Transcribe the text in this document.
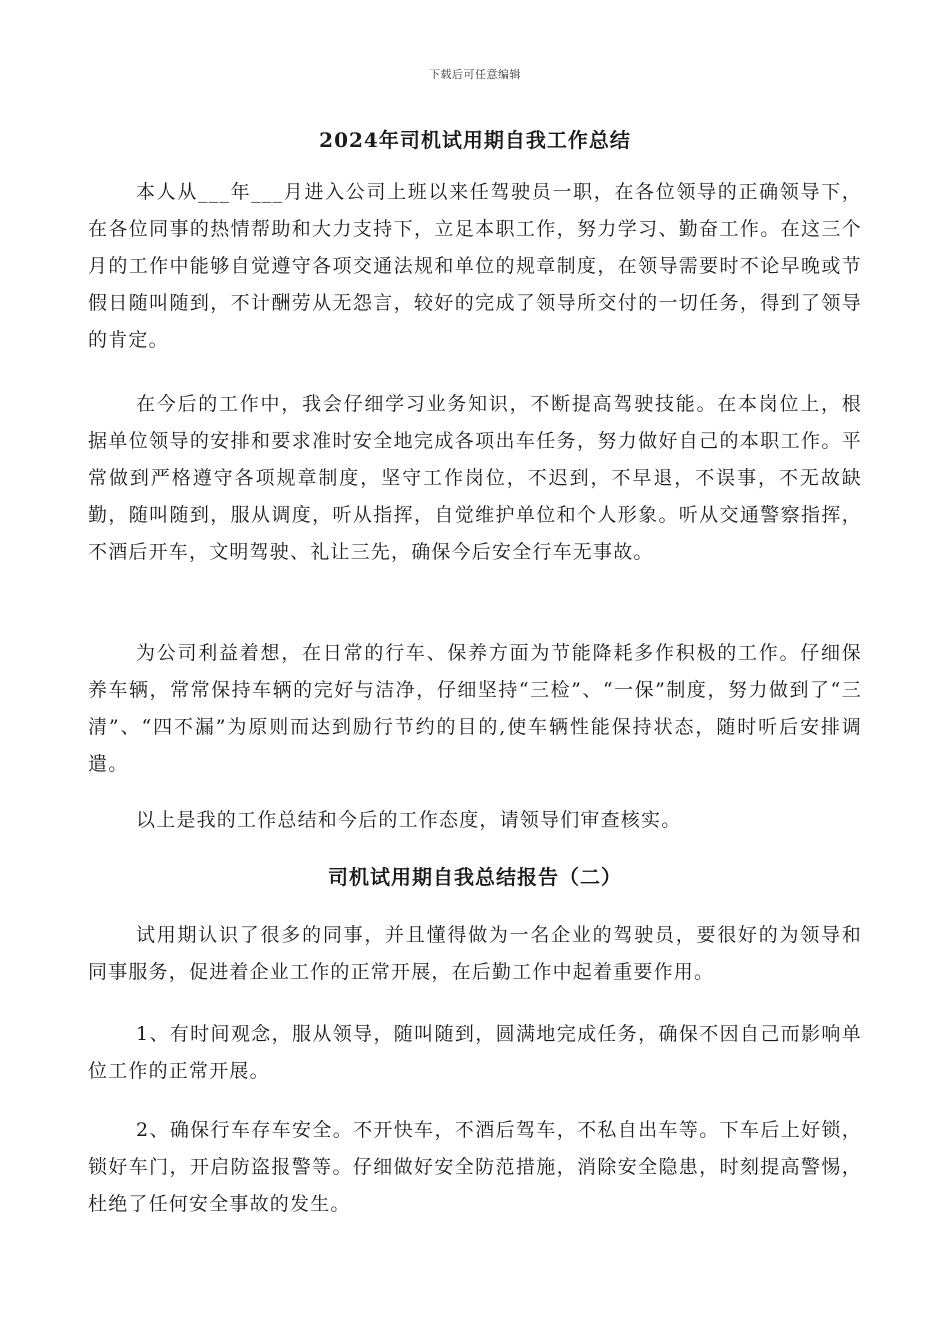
下载后可任意编辑
2024年司机试用期自我工作总结

本人从___年___月进入公司上班以来任驾驶员一职，在各位领导的正确领导下，在各位同事的热情帮助和大力支持下，立足本职工作，努力学习、勤奋工作。在这三个月的工作中能够自觉遵守各项交通法规和单位的规章制度，在领导需要时不论早晚或节假日随叫随到，不计酬劳从无怨言，较好的完成了领导所交付的一切任务，得到了领导的肯定。

在今后的工作中，我会仔细学习业务知识，不断提高驾驶技能。在本岗位上，根据单位领导的安排和要求准时安全地完成各项出车任务，努力做好自己的本职工作。平常做到严格遵守各项规章制度，坚守工作岗位，不迟到，不早退，不误事，不无故缺勤，随叫随到，服从调度，听从指挥，自觉维护单位和个人形象。听从交通警察指挥，不酒后开车，文明驾驶、礼让三先，确保今后安全行车无事故。

为公司利益着想，在日常的行车、保养方面为节能降耗多作积极的工作。仔细保养车辆，常常保持车辆的完好与洁净，仔细坚持“三检”、“一保”制度，努力做到了“三清”、“四不漏”为原则而达到励行节约的目的,使车辆性能保持状态，随时听后安排调遣。

以上是我的工作总结和今后的工作态度，请领导们审查核实。

司机试用期自我总结报告（二）

试用期认识了很多的同事，并且懂得做为一名企业的驾驶员，要很好的为领导和同事服务，促进着企业工作的正常开展，在后勤工作中起着重要作用。

1、有时间观念，服从领导，随叫随到，圆满地完成任务，确保不因自己而影响单位工作的正常开展。

2、确保行车存车安全。不开快车，不酒后驾车，不私自出车等。下车后上好锁，锁好车门，开启防盗报警等。仔细做好安全防范措施，消除安全隐患，时刻提高警惕，杜绝了任何安全事故的发生。
